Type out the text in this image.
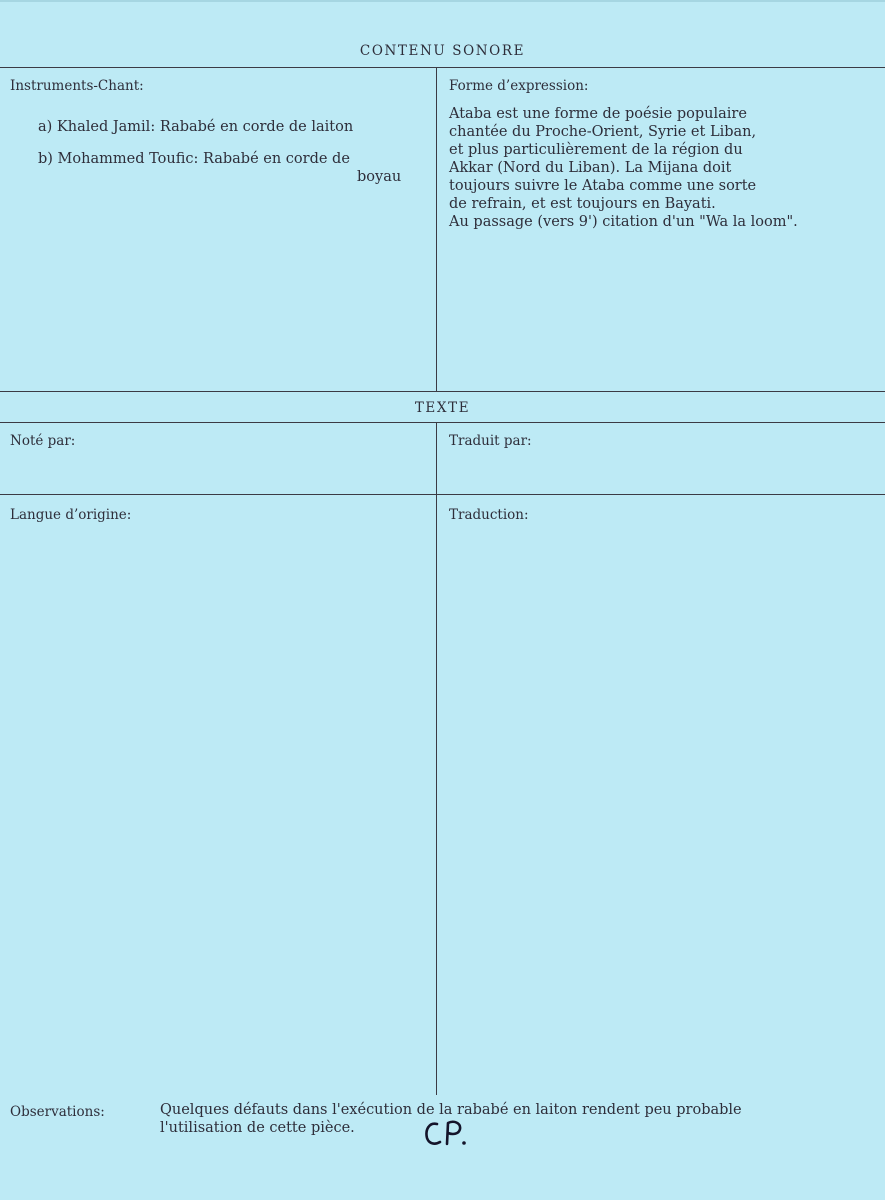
CONTENU SONORE
Instruments-Chant:
a) Khaled Jamil: Rababé en corde de laiton
b) Mohammed Toufic: Rababé en corde de
boyau
Forme d’expression:
Ataba est une forme de poésie populaire
chantée du Proche-Orient, Syrie et Liban,
et plus particulièrement de la région du
Akkar (Nord du Liban). La Mijana doit
toujours suivre le Ataba comme une sorte
de refrain, et est toujours en Bayati.
Au passage (vers 9') citation d'un "Wa la loom".
TEXTE
Noté par:	Traduit par:
Langue d’origine:	Traduction:
Observations:	Quelques défauts dans l'exécution de la rababé en laiton rendent peu probable
l'utilisation de cette pièce.
